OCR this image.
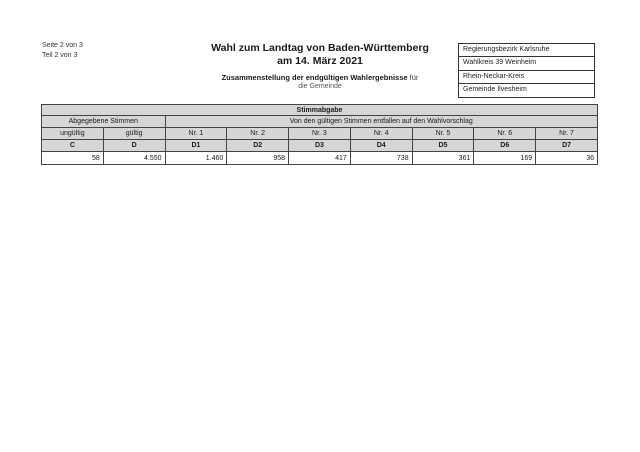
Seite 2 von 3
Teil 2 von 3
Wahl zum Landtag von Baden-Württemberg
am 14. März 2021
Zusammenstellung der endgültigen Wahlergebnisse für
die Gemeinde
Regierungsbezirk Karlsruhe
Wahlkreis 39 Weinheim
Rhein-Neckar-Kreis
Gemeinde Ilvesheim
Stimmabgabe								
Abgegebene Stimmen		Von den gültigen Stimmen entfallen auf den Wahlvorschlag						
ungültig	gültig	Nr. 1	Nr. 2	Nr. 3	Nr. 4	Nr. 5	Nr. 6	Nr. 7
C	D	D1	D2	D3	D4	D5	D6	D7
58	4.550	1.460	958	417	738	361	169	36
